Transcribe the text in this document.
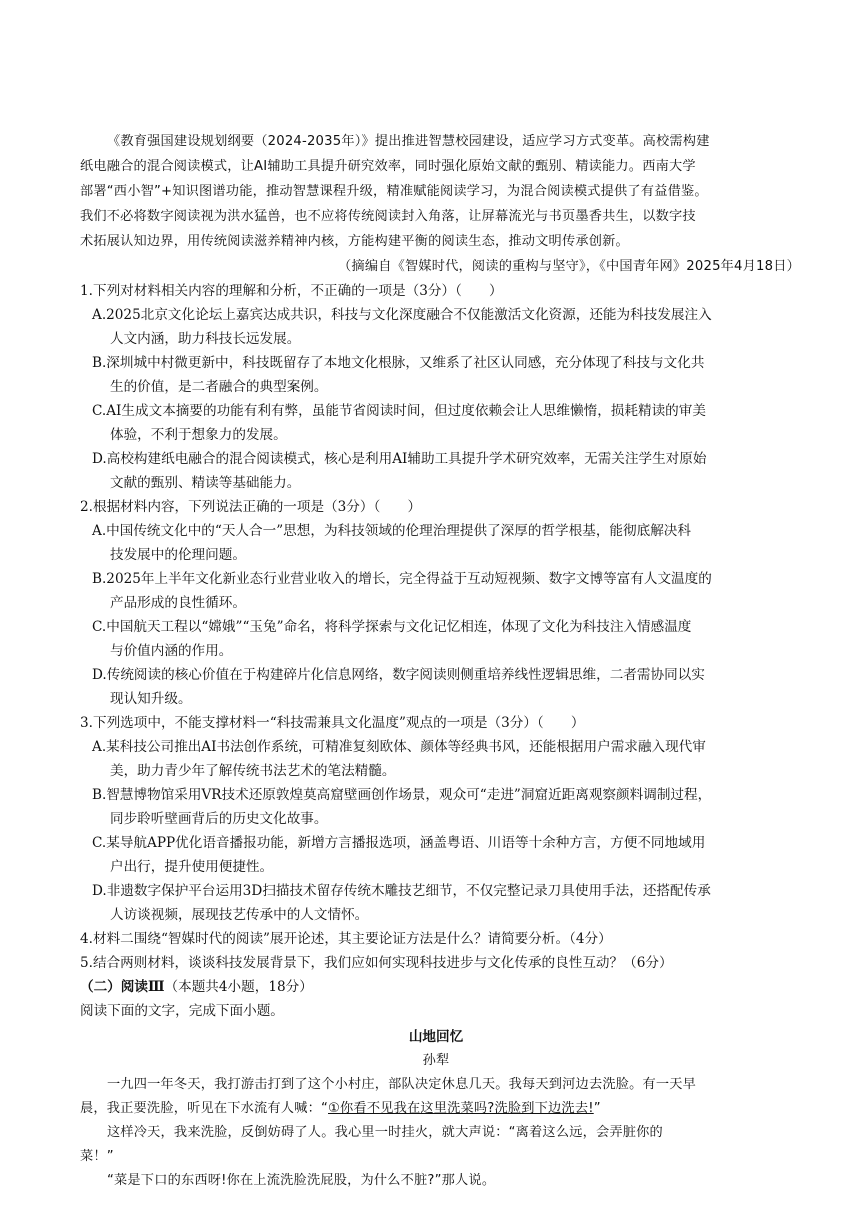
《教育强国建设规划纲要（2024-2035年）》提出推进智慧校园建设，适应学习方式变革。高校需构建
纸电融合的混合阅读模式，让AI辅助工具提升研究效率，同时强化原始文献的甄别、精读能力。西南大学
部署“西小智”+知识图谱功能，推动智慧课程升级，精准赋能阅读学习，为混合阅读模式提供了有益借鉴。
我们不必将数字阅读视为洪水猛兽，也不应将传统阅读封入角落，让屏幕流光与书页墨香共生，以数字技
术拓展认知边界，用传统阅读滋养精神内核，方能构建平衡的阅读生态，推动文明传承创新。
（摘编自《智媒时代，阅读的重构与坚守》，《中国青年网》2025年4月18日）
1.下列对材料相关内容的理解和分析，不正确的一项是（3分）（　　）
A.2025北京文化论坛上嘉宾达成共识，科技与文化深度融合不仅能激活文化资源，还能为科技发展注入
人文内涵，助力科技长远发展。
B.深圳城中村微更新中，科技既留存了本地文化根脉，又维系了社区认同感，充分体现了科技与文化共
生的价值，是二者融合的典型案例。
C.AI生成文本摘要的功能有利有弊，虽能节省阅读时间，但过度依赖会让人思维懒惰，损耗精读的审美
体验，不利于想象力的发展。
D.高校构建纸电融合的混合阅读模式，核心是利用AI辅助工具提升学术研究效率，无需关注学生对原始
文献的甄别、精读等基础能力。
2.根据材料内容，下列说法正确的一项是（3分）（　　）
A.中国传统文化中的“天人合一”思想，为科技领域的伦理治理提供了深厚的哲学根基，能彻底解决科
技发展中的伦理问题。
B.2025年上半年文化新业态行业营业收入的增长，完全得益于互动短视频、数字文博等富有人文温度的
产品形成的良性循环。
C.中国航天工程以“嫦娥”“玉兔”命名，将科学探索与文化记忆相连，体现了文化为科技注入情感温度
与价值内涵的作用。
D.传统阅读的核心价值在于构建碎片化信息网络，数字阅读则侧重培养线性逻辑思维，二者需协同以实
现认知升级。
3.下列选项中，不能支撑材料一“科技需兼具文化温度”观点的一项是（3分）（　　）
A.某科技公司推出AI书法创作系统，可精准复刻欧体、颜体等经典书风，还能根据用户需求融入现代审
美，助力青少年了解传统书法艺术的笔法精髓。
B.智慧博物馆采用VR技术还原敦煌莫高窟壁画创作场景，观众可“走进”洞窟近距离观察颜料调制过程，
同步聆听壁画背后的历史文化故事。
C.某导航APP优化语音播报功能，新增方言播报选项，涵盖粤语、川语等十余种方言，方便不同地域用
户出行，提升使用便捷性。
D.非遗数字保护平台运用3D扫描技术留存传统木雕技艺细节，不仅完整记录刀具使用手法，还搭配传承
人访谈视频，展现技艺传承中的人文情怀。
4.材料二围绕“智媒时代的阅读”展开论述，其主要论证方法是什么？请简要分析。（4分）
5.结合两则材料，谈谈科技发展背景下，我们应如何实现科技进步与文化传承的良性互动？（6分）
（二）阅读Ⅲ（本题共4小题，18分）
阅读下面的文字，完成下面小题。
山地回忆
孙犁
一九四一年冬天，我打游击打到了这个小村庄，部队决定休息几天。我每天到河边去洗脸。有一天早
晨，我正要洗脸，听见在下水流有人喊：“①你看不见我在这里洗菜吗?洗脸到下边洗去!”
这样冷天，我来洗脸，反倒妨碍了人。我心里一时挂火，就大声说：“离着这么远，会弄脏你的
菜！”
“菜是下口的东西呀!你在上流洗脸洗屁股，为什么不脏?”那人说。
